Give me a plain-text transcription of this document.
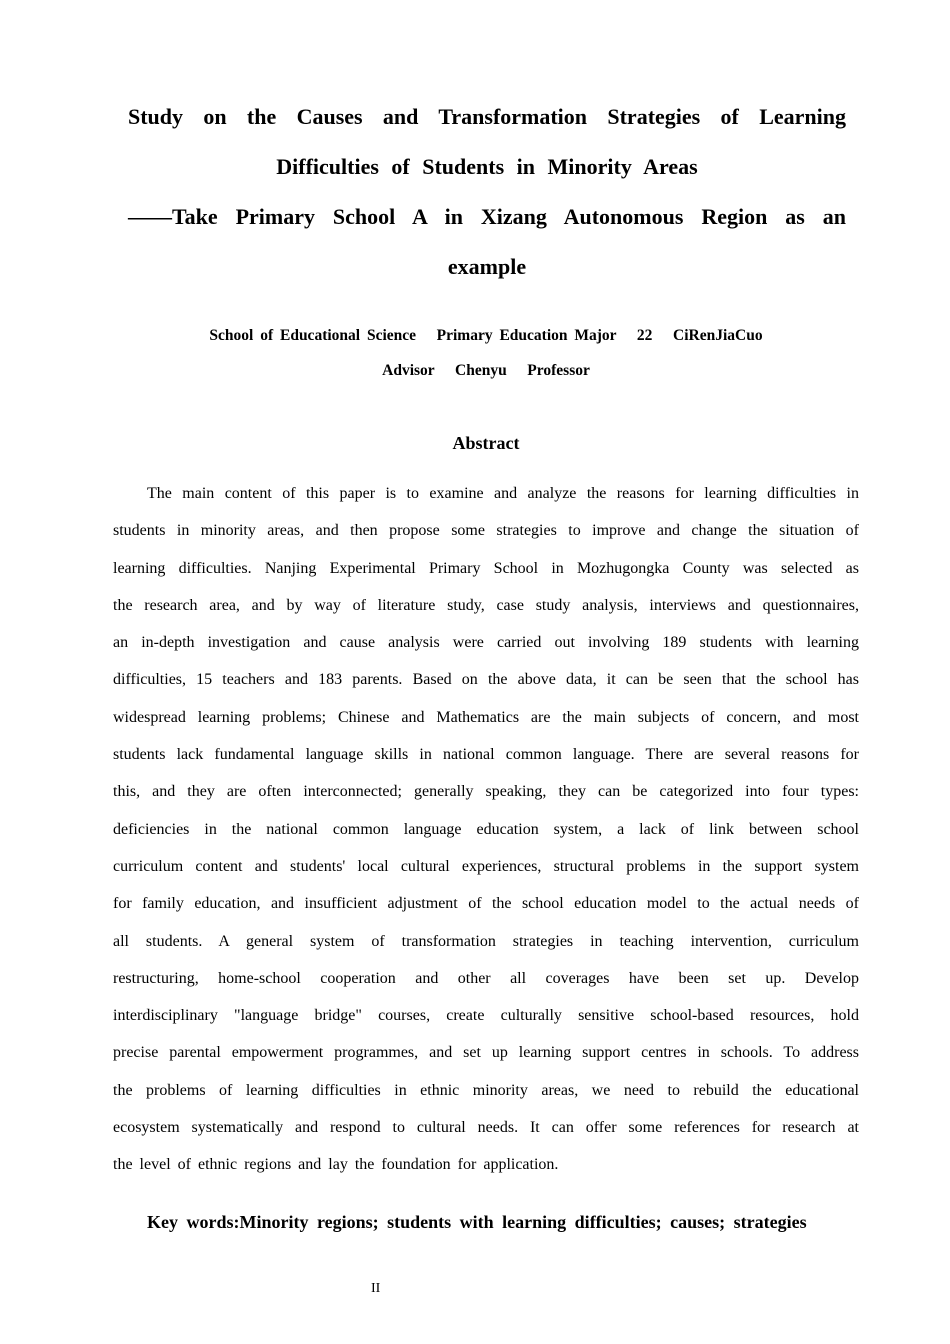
Study on the Causes and Transformation Strategies of Learning
Difficulties of Students in Minority Areas
——Take Primary School A in Xizang Autonomous Region as an
example
School of Educational Science   Primary Education Major   22   CiRenJiaCuo
Advisor   Chenyu   Professor
Abstract
The main content of this paper is to examine and analyze the reasons for learning difficulties in
students in minority areas, and then propose some strategies to improve and change the situation of
learning difficulties. Nanjing Experimental Primary School in Mozhugongka County was selected as
the research area, and by way of literature study, case study analysis, interviews and questionnaires,
an in-depth investigation and cause analysis were carried out involving 189 students with learning
difficulties, 15 teachers and 183 parents. Based on the above data, it can be seen that the school has
widespread learning problems; Chinese and Mathematics are the main subjects of concern, and most
students lack fundamental language skills in national common language. There are several reasons for
this, and they are often interconnected; generally speaking, they can be categorized into four types:
deficiencies in the national common language education system, a lack of link between school
curriculum content and students' local cultural experiences, structural problems in the support system
for family education, and insufficient adjustment of the school education model to the actual needs of
all students. A general system of transformation strategies in teaching intervention, curriculum
restructuring, home-school cooperation and other all coverages have been set up. Develop
interdisciplinary "language bridge" courses, create culturally sensitive school-based resources, hold
precise parental empowerment programmes, and set up learning support centres in schools. To address
the problems of learning difficulties in ethnic minority areas, we need to rebuild the educational
ecosystem systematically and respond to cultural needs. It can offer some references for research at
the level of ethnic regions and lay the foundation for application.
Key words:Minority regions; students with learning difficulties; causes; strategies
II
